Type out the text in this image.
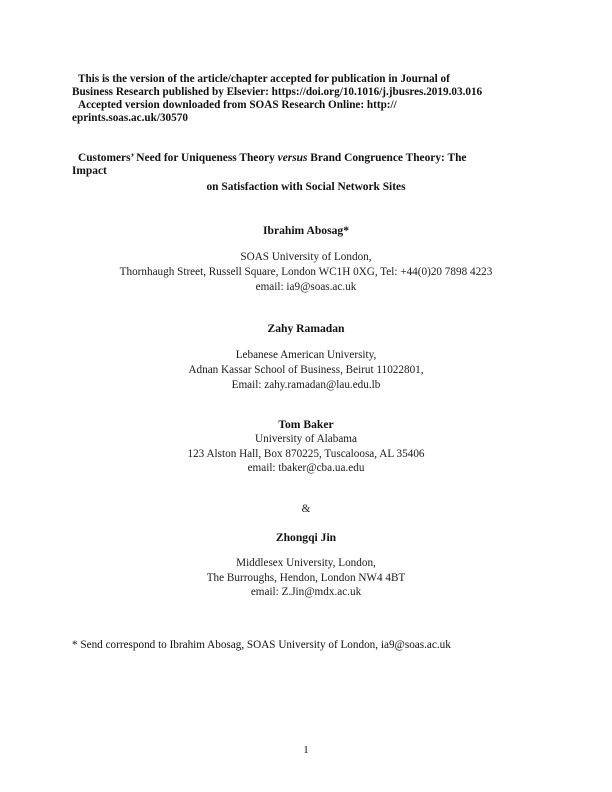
This is the version of the article/chapter accepted for publication in Journal of
Business Research published by Elsevier: https://doi.org/10.1016/j.jbusres.2019.03.016
Accepted version downloaded from SOAS Research Online: http://
eprints.soas.ac.uk/30570
Customers’ Need for Uniqueness Theory versus Brand Congruence Theory: The
Impact
on Satisfaction with Social Network Sites
Ibrahim Abosag*
SOAS University of London,
Thornhaugh Street, Russell Square, London WC1H 0XG, Tel: +44(0)20 7898 4223
email: ia9@soas.ac.uk
Zahy Ramadan
Lebanese American University,
Adnan Kassar School of Business, Beirut 11022801,
Email: zahy.ramadan@lau.edu.lb
Tom Baker
University of Alabama
123 Alston Hall, Box 870225, Tuscaloosa, AL 35406
email: tbaker@cba.ua.edu
&
Zhongqi Jin
Middlesex University, London,
The Burroughs, Hendon, London NW4 4BT
email: Z.Jin@mdx.ac.uk
* Send correspond to Ibrahim Abosag, SOAS University of London, ia9@soas.ac.uk
1
